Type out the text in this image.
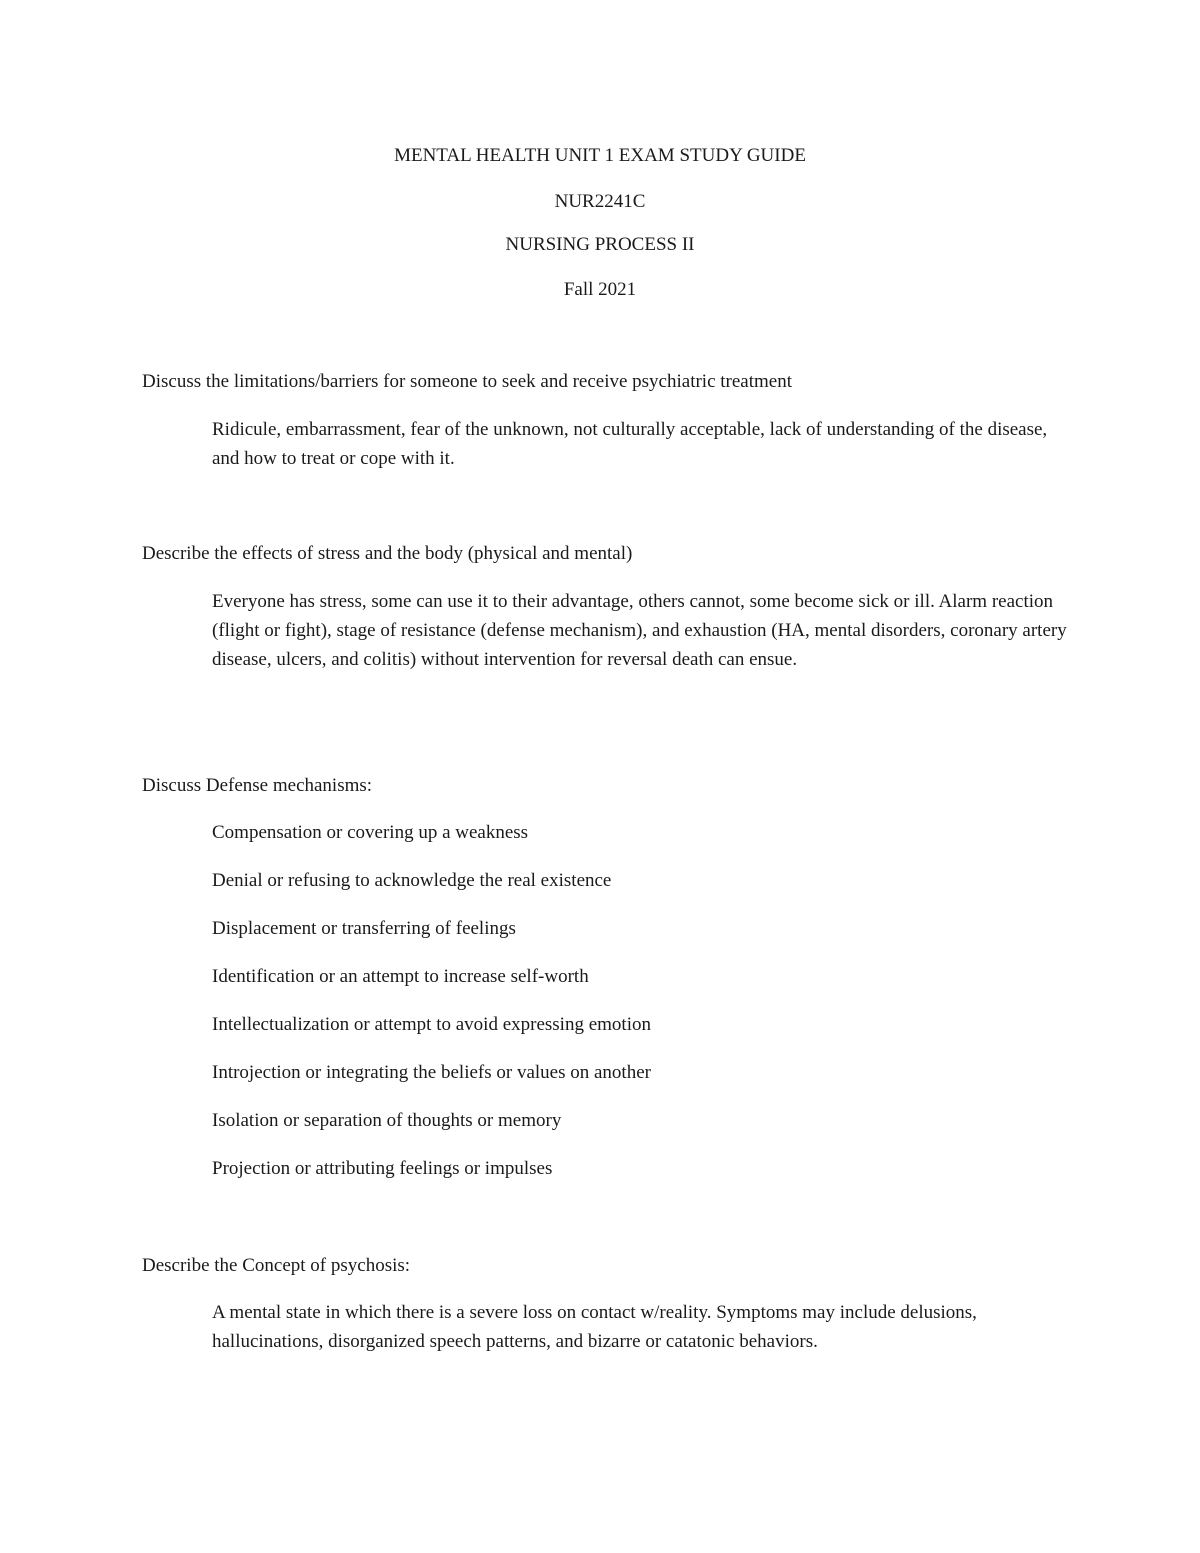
MENTAL HEALTH UNIT 1 EXAM STUDY GUIDE

NUR2241C

NURSING PROCESS II

Fall 2021

Discuss the limitations/barriers for someone to seek and receive psychiatric treatment

Ridicule, embarrassment, fear of the unknown, not culturally acceptable, lack of understanding of the disease, and how to treat or cope with it.

Describe the effects of stress and the body (physical and mental)

Everyone has stress, some can use it to their advantage, others cannot, some become sick or ill. Alarm reaction (flight or fight), stage of resistance (defense mechanism), and exhaustion (HA, mental disorders, coronary artery disease, ulcers, and colitis) without intervention for reversal death can ensue.

Discuss Defense mechanisms:

Compensation or covering up a weakness

Denial or refusing to acknowledge the real existence

Displacement or transferring of feelings

Identification or an attempt to increase self-worth

Intellectualization or attempt to avoid expressing emotion

Introjection or integrating the beliefs or values on another

Isolation or separation of thoughts or memory

Projection or attributing feelings or impulses

Describe the Concept of psychosis:

A mental state in which there is a severe loss on contact w/reality. Symptoms may include delusions, hallucinations, disorganized speech patterns, and bizarre or catatonic behaviors.
